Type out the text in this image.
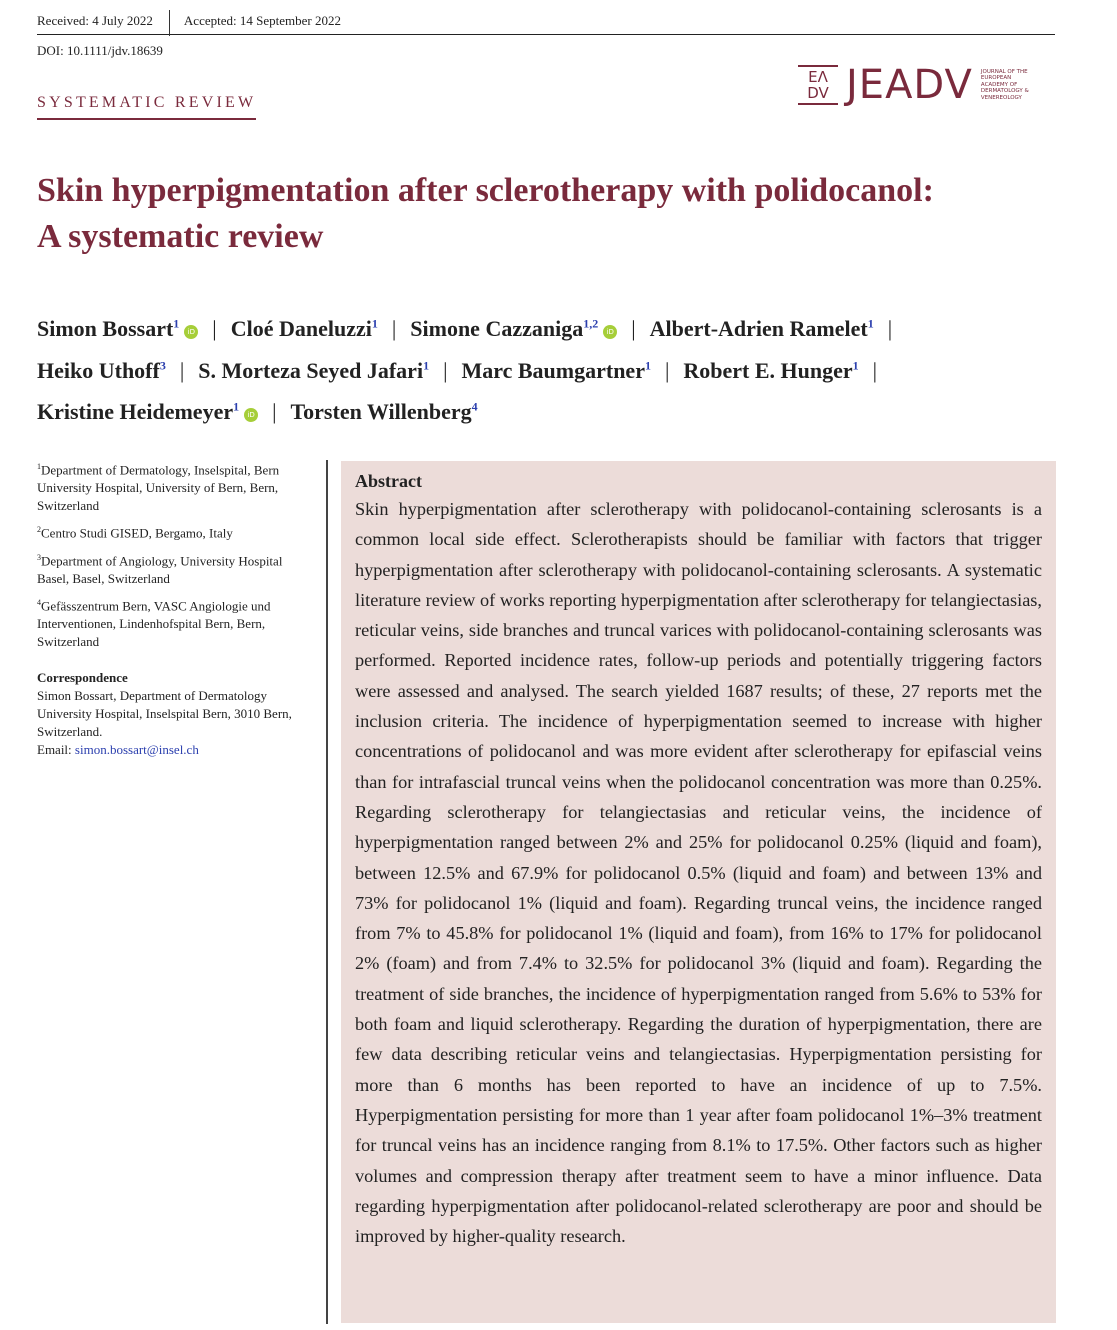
Received: 4 July 2022 Accepted: 14 September 2022
DOI: 10.1111/jdv.18639
SYSTEMATIC REVIEW
EΛ
DV JEADV JOURNAL OF THE EUROPEAN ACADEMY OF DERMATOLOGY & VENEREOLOGY
Skin hyperpigmentation after sclerotherapy with polidocanol:
A systematic review
Simon Bossart$^1$iD | Cloé Daneluzzi$^1$ | Simone Cazzaniga$^{1,2}$iD | Albert-Adrien Ramelet$^1$ |
Heiko Uthoff$^3$ | S. Morteza Seyed Jafari$^1$ | Marc Baumgartner$^1$ | Robert E. Hunger$^1$ |
Kristine Heidemeyer$^1$iD | Torsten Willenberg$^4$

$^1$Department of Dermatology, Inselspital, Bern University Hospital, University of Bern, Bern, Switzerland

$^2$Centro Studi GISED, Bergamo, Italy

$^3$Department of Angiology, University Hospital Basel, Basel, Switzerland

$^4$Gefässzentrum Bern, VASC Angiologie und Interventionen, Lindenhofspital Bern, Bern, Switzerland

Correspondence
Simon Bossart, Department of Dermatology University Hospital, Inselspital Bern, 3010 Bern, Switzerland.
Email: simon.bossart@insel.ch
Abstract

Skin hyperpigmentation after sclerotherapy with polidocanol-containing sclerosants is a common local side effect. Sclerotherapists should be familiar with factors that trigger hyperpigmentation after sclerotherapy with polidocanol-containing sclerosants. A systematic literature review of works reporting hyperpigmentation after sclerotherapy for telangiectasias, reticular veins, side branches and truncal varices with polidocanol-containing sclerosants was performed. Reported incidence rates, follow-up periods and potentially triggering factors were assessed and analysed. The search yielded 1687 results; of these, 27 reports met the inclusion criteria. The incidence of hyperpigmentation seemed to increase with higher concentrations of polidocanol and was more evident after sclerotherapy for epifascial veins than for intrafascial truncal veins when the polidocanol concentration was more than 0.25%. Regarding sclerotherapy for telangiectasias and reticular veins, the incidence of hyperpigmentation ranged between 2% and 25% for polidocanol 0.25% (liquid and foam), between 12.5% and 67.9% for polidocanol 0.5% (liquid and foam) and between 13% and 73% for polidocanol 1% (liquid and foam). Regarding truncal veins, the incidence ranged from 7% to 45.8% for polidocanol 1% (liquid and foam), from 16% to 17% for polidocanol 2% (foam) and from 7.4% to 32.5% for polidocanol 3% (liquid and foam). Regarding the treatment of side branches, the incidence of hyperpigmentation ranged from 5.6% to 53% for both foam and liquid sclerotherapy. Regarding the duration of hyperpigmentation, there are few data describing reticular veins and telangiectasias. Hyperpigmentation persisting for more than 6 months has been reported to have an incidence of up to 7.5%. Hyperpigmentation persisting for more than 1 year after foam polidocanol 1%–3% treatment for truncal veins has an incidence ranging from 8.1% to 17.5%. Other factors such as higher volumes and compression therapy after treatment seem to have a minor influence. Data regarding hyperpigmentation after polidocanol-related sclerotherapy are poor and should be improved by higher-quality research.
